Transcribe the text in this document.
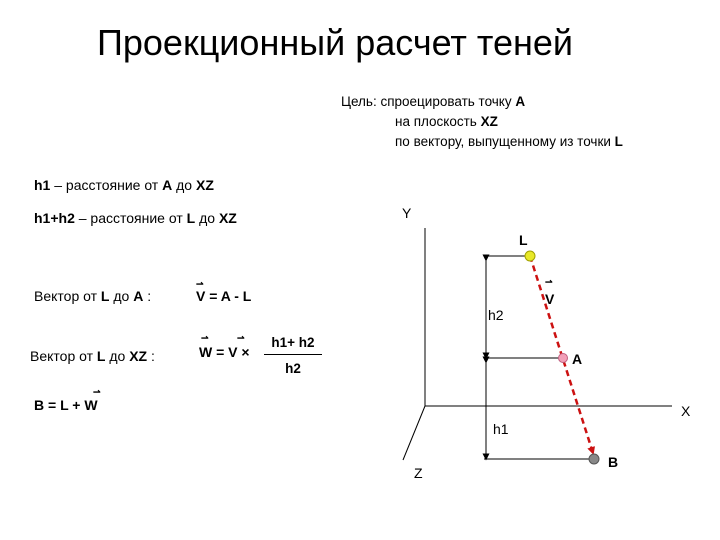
Проекционный расчет теней
Цель: спроецировать точку A
на плоскость XZ
по вектору, выпущенному из точки L
h1 – расстояние от A до XZ
h1+h2 – расстояние от L до XZ
Вектор от L до A :
⇀
V = A - L
Вектор от L до XZ :
⇀	⇀
W = V ×
h1+ h2
h2
⇀
B = L + W
Y
X
Z
L
A
B
⇀
V
h2
h1
